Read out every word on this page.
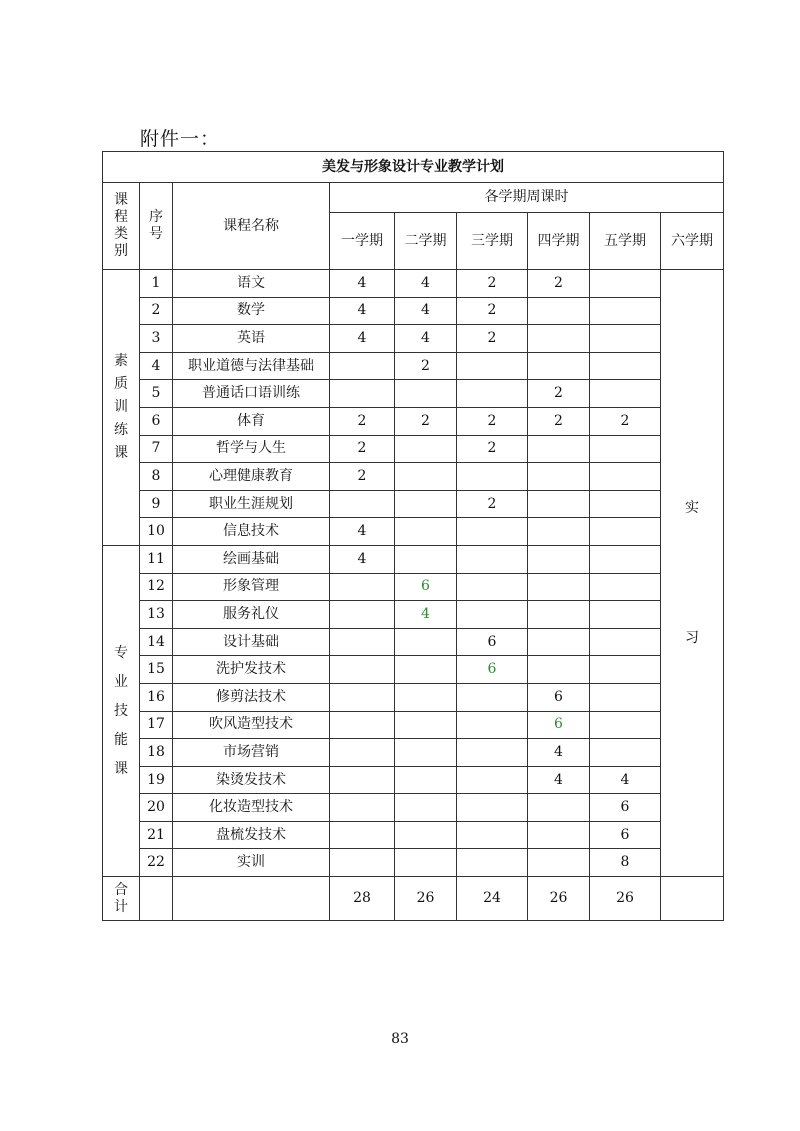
附件一：
美发与形象设计专业教学计划								

课
程
类
别	序
号	课程名称	各学期周课时					
			一学期	二学期	三学期	四学期	五学期	六学期

素
质
训
练
课	1	语文	4	4	2	2		实
习

	2	数学	4	4	2			
	3	英语	4	4	2			
	4	职业道德与法律基础		2				
	5	普通话口语训练				2		
	6	体育	2	2	2	2	2	
	7	哲学与人生	2		2			
	8	心理健康教育	2					
	9	职业生涯规划			2			
	10	信息技术	4					

专
业
技
能
课	11	绘画基础	4					
	12	形象管理		6				
	13	服务礼仪		4				
	14	设计基础			6			
	15	洗护发技术			6			
	16	修剪法技术				6		
	17	吹风造型技术				6		
	18	市场营销				4		
	19	染烫发技术				4	4	
	20	化妆造型技术					6	
	21	盘梳发技术					6	
	22	实训					8	

合
计			28	26	24	26	26	
83
